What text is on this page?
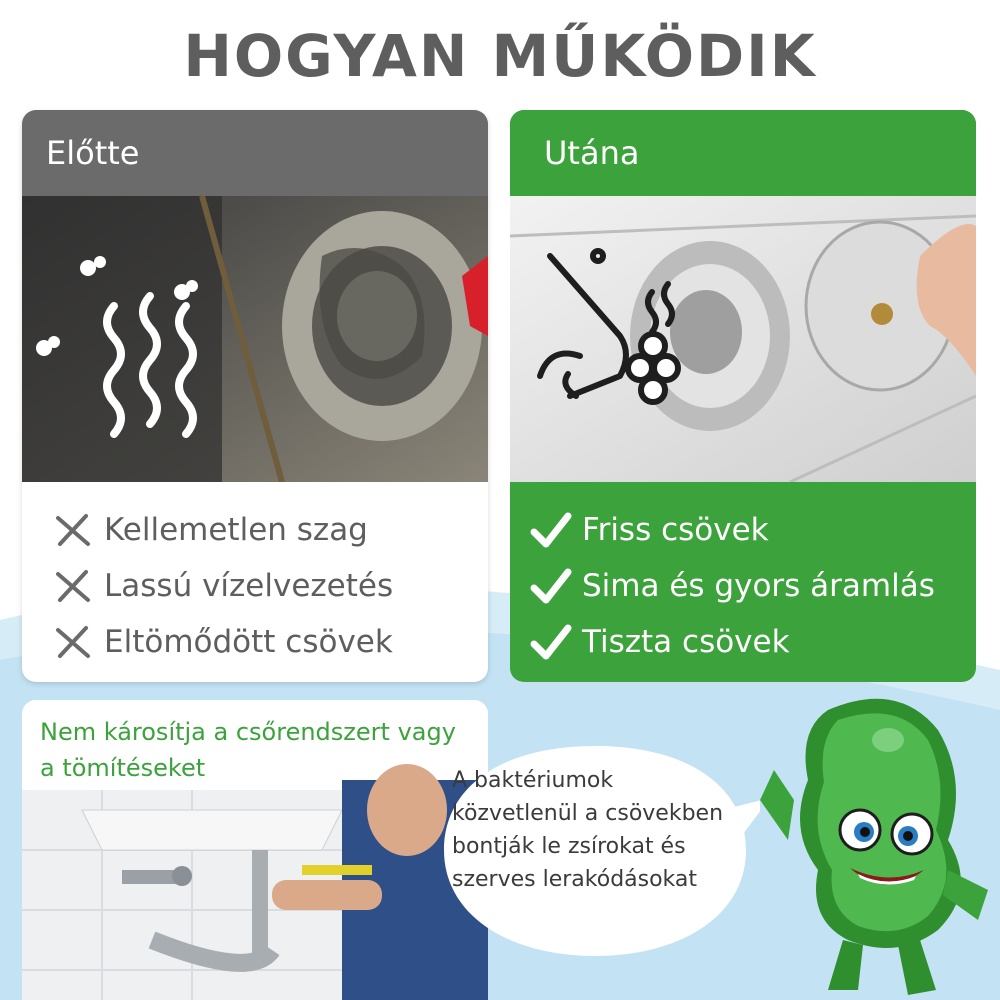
HOGYAN MŰKÖDIK
Előtte
Kellemetlen szag
Lassú vízelvezetés
Eltömődött csövek
Utána
Friss csövek
Sima és gyors áramlás
Tiszta csövek
Nem károsítja a csőrendszert vagy a tömítéseket	A baktériumok közvetlenül a csövekben bontják le zsírokat és szerves lerakódásokat
